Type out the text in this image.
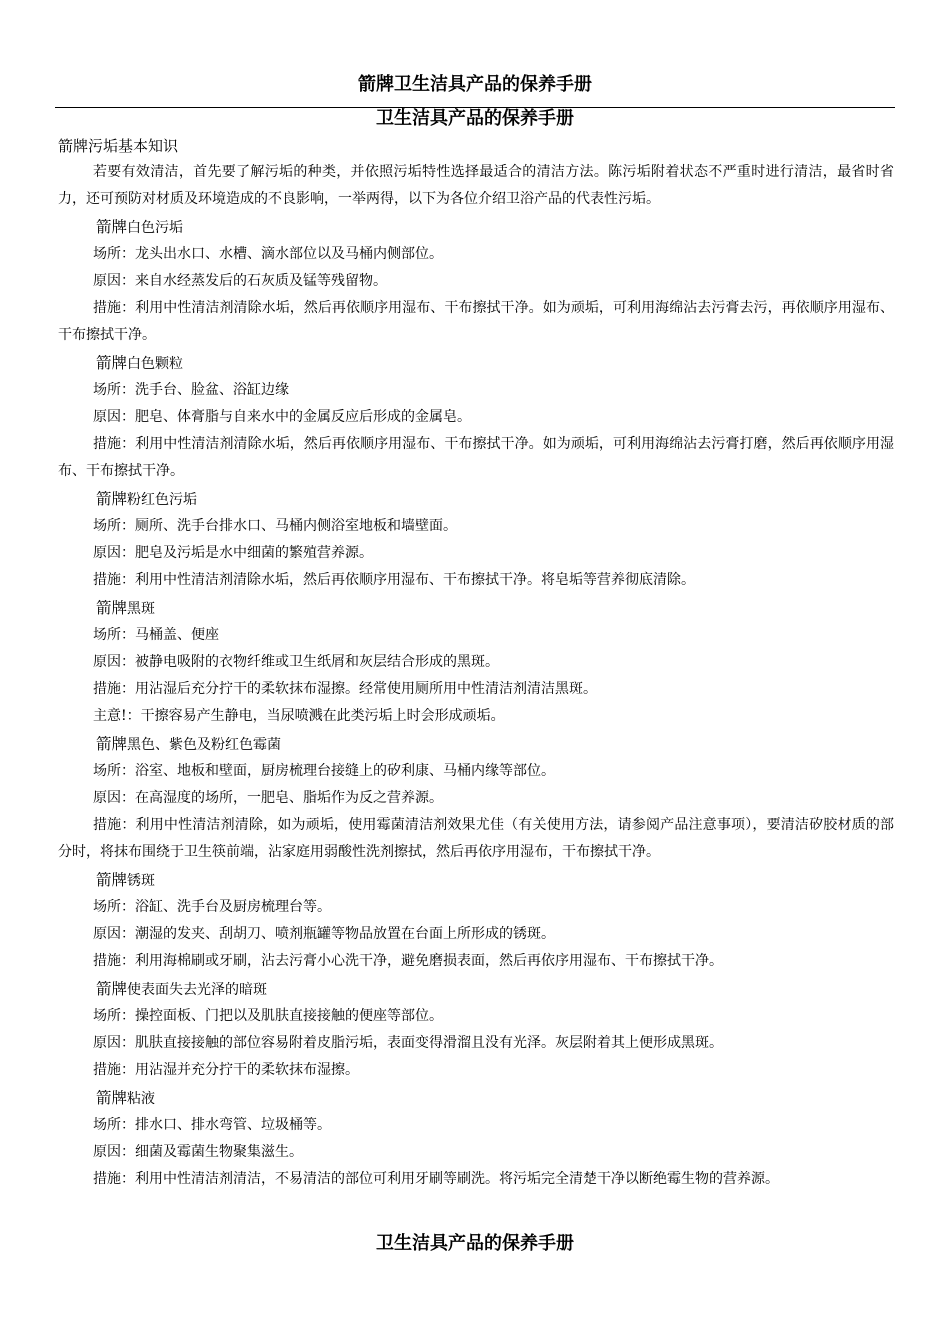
箭牌卫生洁具产品的保养手册
卫生洁具产品的保养手册
箭牌污垢基本知识
若要有效清洁，首先要了解污垢的种类，并依照污垢特性选择最适合的清洁方法。陈污垢附着状态不严重时进行清洁，最省时省力，还可预防对材质及环境造成的不良影响，一举两得，以下为各位介绍卫浴产品的代表性污垢。
箭牌白色污垢
场所：龙头出水口、水槽、滴水部位以及马桶内侧部位。
原因：来自水经蒸发后的石灰质及锰等残留物。
措施：利用中性清洁剂清除水垢，然后再依顺序用湿布、干布擦拭干净。如为顽垢，可利用海绵沾去污膏去污，再依顺序用湿布、干布擦拭干净。
箭牌白色颗粒
场所：洗手台、脸盆、浴缸边缘
原因：肥皂、体膏脂与自来水中的金属反应后形成的金属皂。
措施：利用中性清洁剂清除水垢，然后再依顺序用湿布、干布擦拭干净。如为顽垢，可利用海绵沾去污膏打磨，然后再依顺序用湿布、干布擦拭干净。
箭牌粉红色污垢
场所：厕所、洗手台排水口、马桶内侧浴室地板和墙壁面。
原因：肥皂及污垢是水中细菌的繁殖营养源。
措施：利用中性清洁剂清除水垢，然后再依顺序用湿布、干布擦拭干净。将皂垢等营养彻底清除。
箭牌黑斑
场所：马桶盖、便座
原因：被静电吸附的衣物纤维或卫生纸屑和灰层结合形成的黑斑。
措施：用沾湿后充分拧干的柔软抹布湿擦。经常使用厕所用中性清洁剂清洁黑斑。
主意!：干擦容易产生静电，当尿喷溅在此类污垢上时会形成顽垢。
箭牌黑色、紫色及粉红色霉菌
场所：浴室、地板和壁面，厨房梳理台接缝上的矽利康、马桶内缘等部位。
原因：在高湿度的场所，一肥皂、脂垢作为反之营养源。
措施：利用中性清洁剂清除，如为顽垢，使用霉菌清洁剂效果尤佳（有关使用方法，请参阅产品注意事项），要清洁矽胶材质的部分时，将抹布围绕于卫生筷前端，沾家庭用弱酸性洗剂擦拭，然后再依序用湿布，干布擦拭干净。
箭牌锈斑
场所：浴缸、洗手台及厨房梳理台等。
原因：潮湿的发夹、刮胡刀、喷剂瓶罐等物品放置在台面上所形成的锈斑。
措施：利用海棉刷或牙刷，沾去污膏小心洗干净，避免磨损表面，然后再依序用湿布、干布擦拭干净。
箭牌使表面失去光泽的暗斑
场所：操控面板、门把以及肌肤直接接触的便座等部位。
原因：肌肤直接接触的部位容易附着皮脂污垢，表面变得滑溜且没有光泽。灰层附着其上便形成黑斑。
措施：用沾湿并充分拧干的柔软抹布湿擦。
箭牌粘液
场所：排水口、排水弯管、垃圾桶等。
原因：细菌及霉菌生物聚集滋生。
措施：利用中性清洁剂清洁，不易清洁的部位可利用牙刷等刷洗。将污垢完全清楚干净以断绝霉生物的营养源。
卫生洁具产品的保养手册
